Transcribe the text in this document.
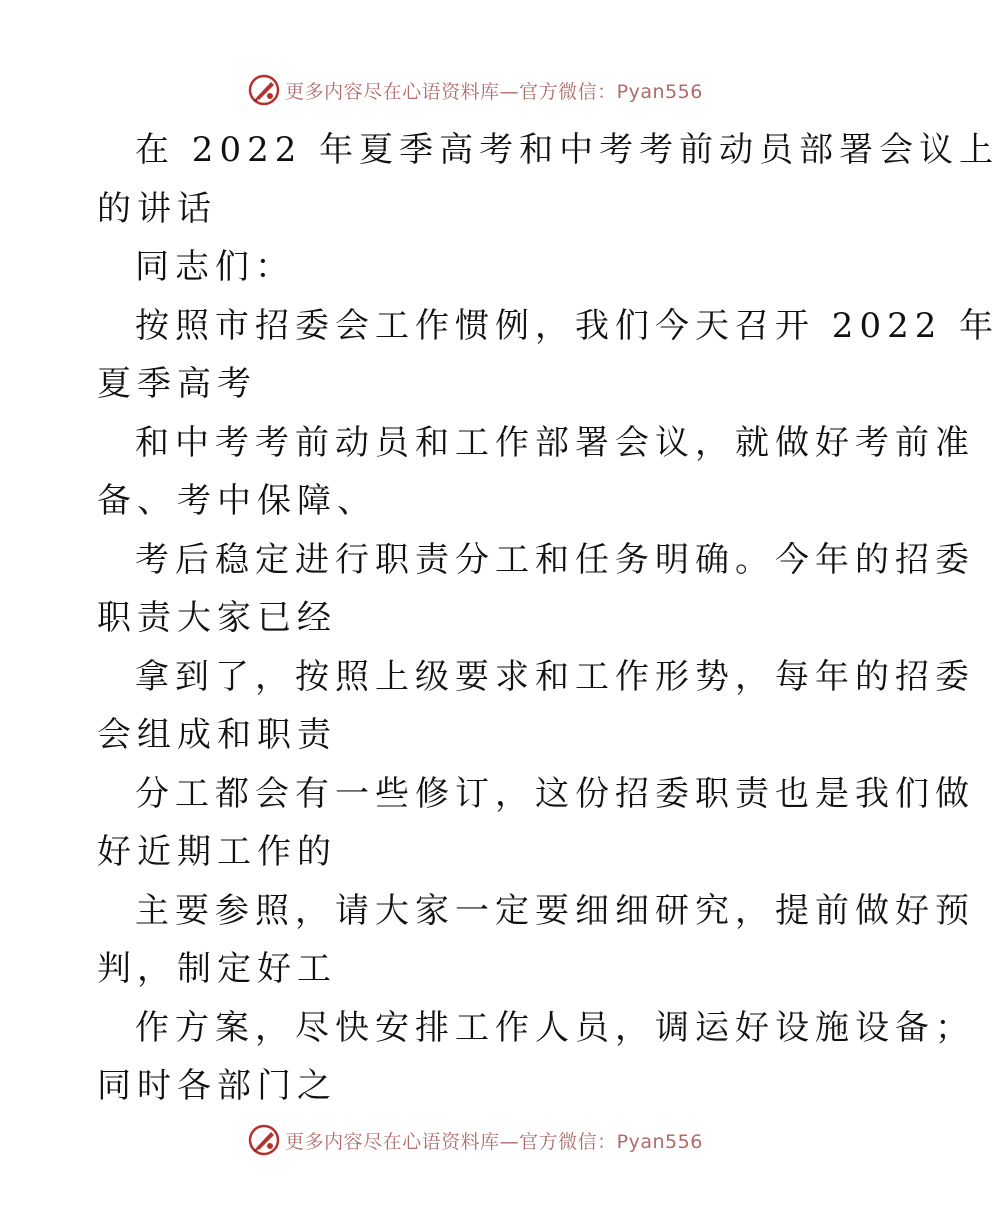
更多内容尽在心语资料库—官方微信：Pyan556
在 2022 年夏季高考和中考考前动员部署会议上
的讲话
同志们：
按照市招委会工作惯例，我们今天召开 2022 年
夏季高考
和中考考前动员和工作部署会议，就做好考前准
备、考中保障、
考后稳定进行职责分工和任务明确。今年的招委
职责大家已经
拿到了，按照上级要求和工作形势，每年的招委
会组成和职责
分工都会有一些修订，这份招委职责也是我们做
好近期工作的
主要参照，请大家一定要细细研究，提前做好预
判，制定好工
作方案，尽快安排工作人员，调运好设施设备；
同时各部门之
更多内容尽在心语资料库—官方微信：Pyan556
